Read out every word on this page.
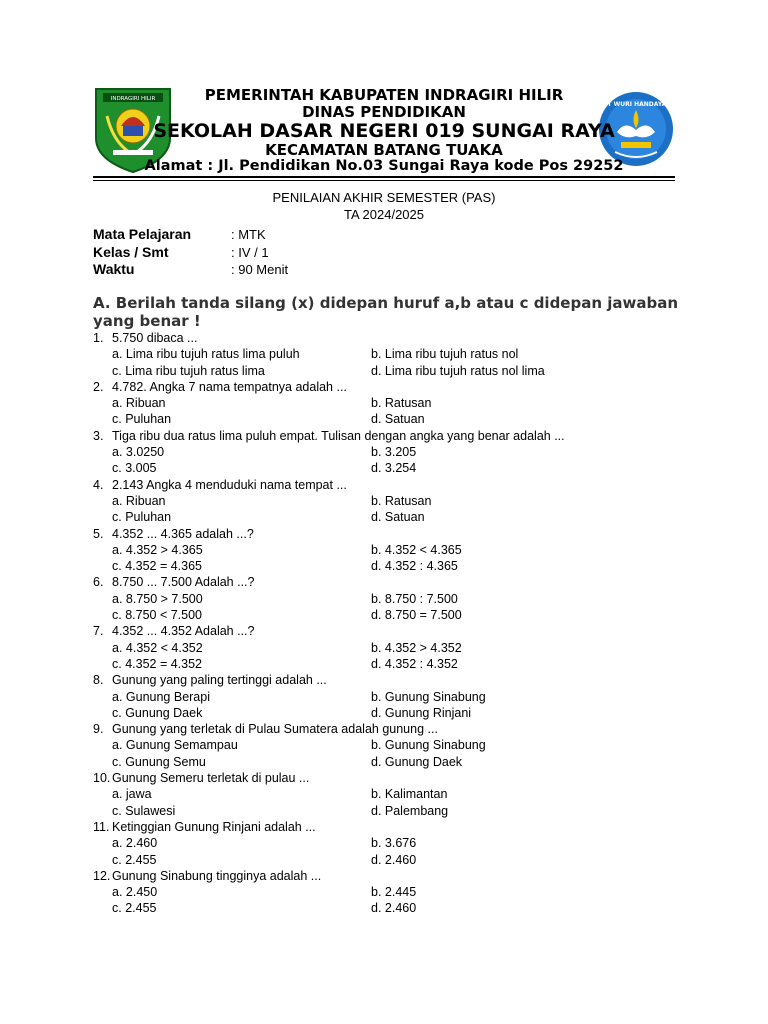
INDRAGIRI HILIR
TUT WURI HANDAYANI
PEMERINTAH KABUPATEN INDRAGIRI HILIR
DINAS PENDIDIKAN
SEKOLAH DASAR NEGERI 019 SUNGAI RAYA
KECAMATAN BATANG TUAKA
Alamat : Jl. Pendidikan No.03 Sungai Raya kode Pos 29252
PENILAIAN AKHIR SEMESTER (PAS)
TA 2024/2025
Mata Pelajaran	: MTK
Kelas / Smt	: IV / 1
Waktu	: 90 Menit
A. Berilah tanda silang (x) didepan huruf a,b atau c didepan jawaban yang benar !
1. 5.750 dibaca ...
a. Lima ribu tujuh ratus lima puluh	b. Lima ribu tujuh ratus nol
c. Lima ribu tujuh ratus lima	d. Lima ribu tujuh ratus nol lima
2. 4.782. Angka 7 nama tempatnya adalah ...
a. Ribuan	b. Ratusan
c. Puluhan	d. Satuan
3. Tiga ribu dua ratus lima puluh empat. Tulisan dengan angka yang benar adalah ...
a. 3.0250	b. 3.205
c. 3.005	d. 3.254
4. 2.143 Angka 4 menduduki nama tempat ...
a. Ribuan	b. Ratusan
c. Puluhan	d. Satuan
5. 4.352 ... 4.365 adalah ...?
a. 4.352 > 4.365	b. 4.352 < 4.365
c. 4.352 = 4.365	d. 4.352 : 4.365
6. 8.750 ... 7.500 Adalah ...?
a. 8.750 > 7.500	b. 8.750 : 7.500
c. 8.750 < 7.500	d. 8.750 = 7.500
7. 4.352 ... 4.352 Adalah ...?
a. 4.352 < 4.352	b. 4.352 > 4.352
c. 4.352 = 4.352	d. 4.352 : 4.352
8. Gunung yang paling tertinggi adalah ...
a. Gunung Berapi	b. Gunung Sinabung
c. Gunung Daek	d. Gunung Rinjani
9. Gunung yang terletak di Pulau Sumatera adalah gunung ...
a. Gunung Semampau	b. Gunung Sinabung
c. Gunung Semu	d. Gunung Daek
10. Gunung Semeru terletak di pulau ...
a. jawa	b. Kalimantan
c. Sulawesi	d. Palembang
11. Ketinggian Gunung Rinjani adalah ...
a. 2.460	b. 3.676
c. 2.455	d. 2.460
12. Gunung Sinabung tingginya adalah ...
a. 2.450	b. 2.445
c. 2.455	d. 2.460
